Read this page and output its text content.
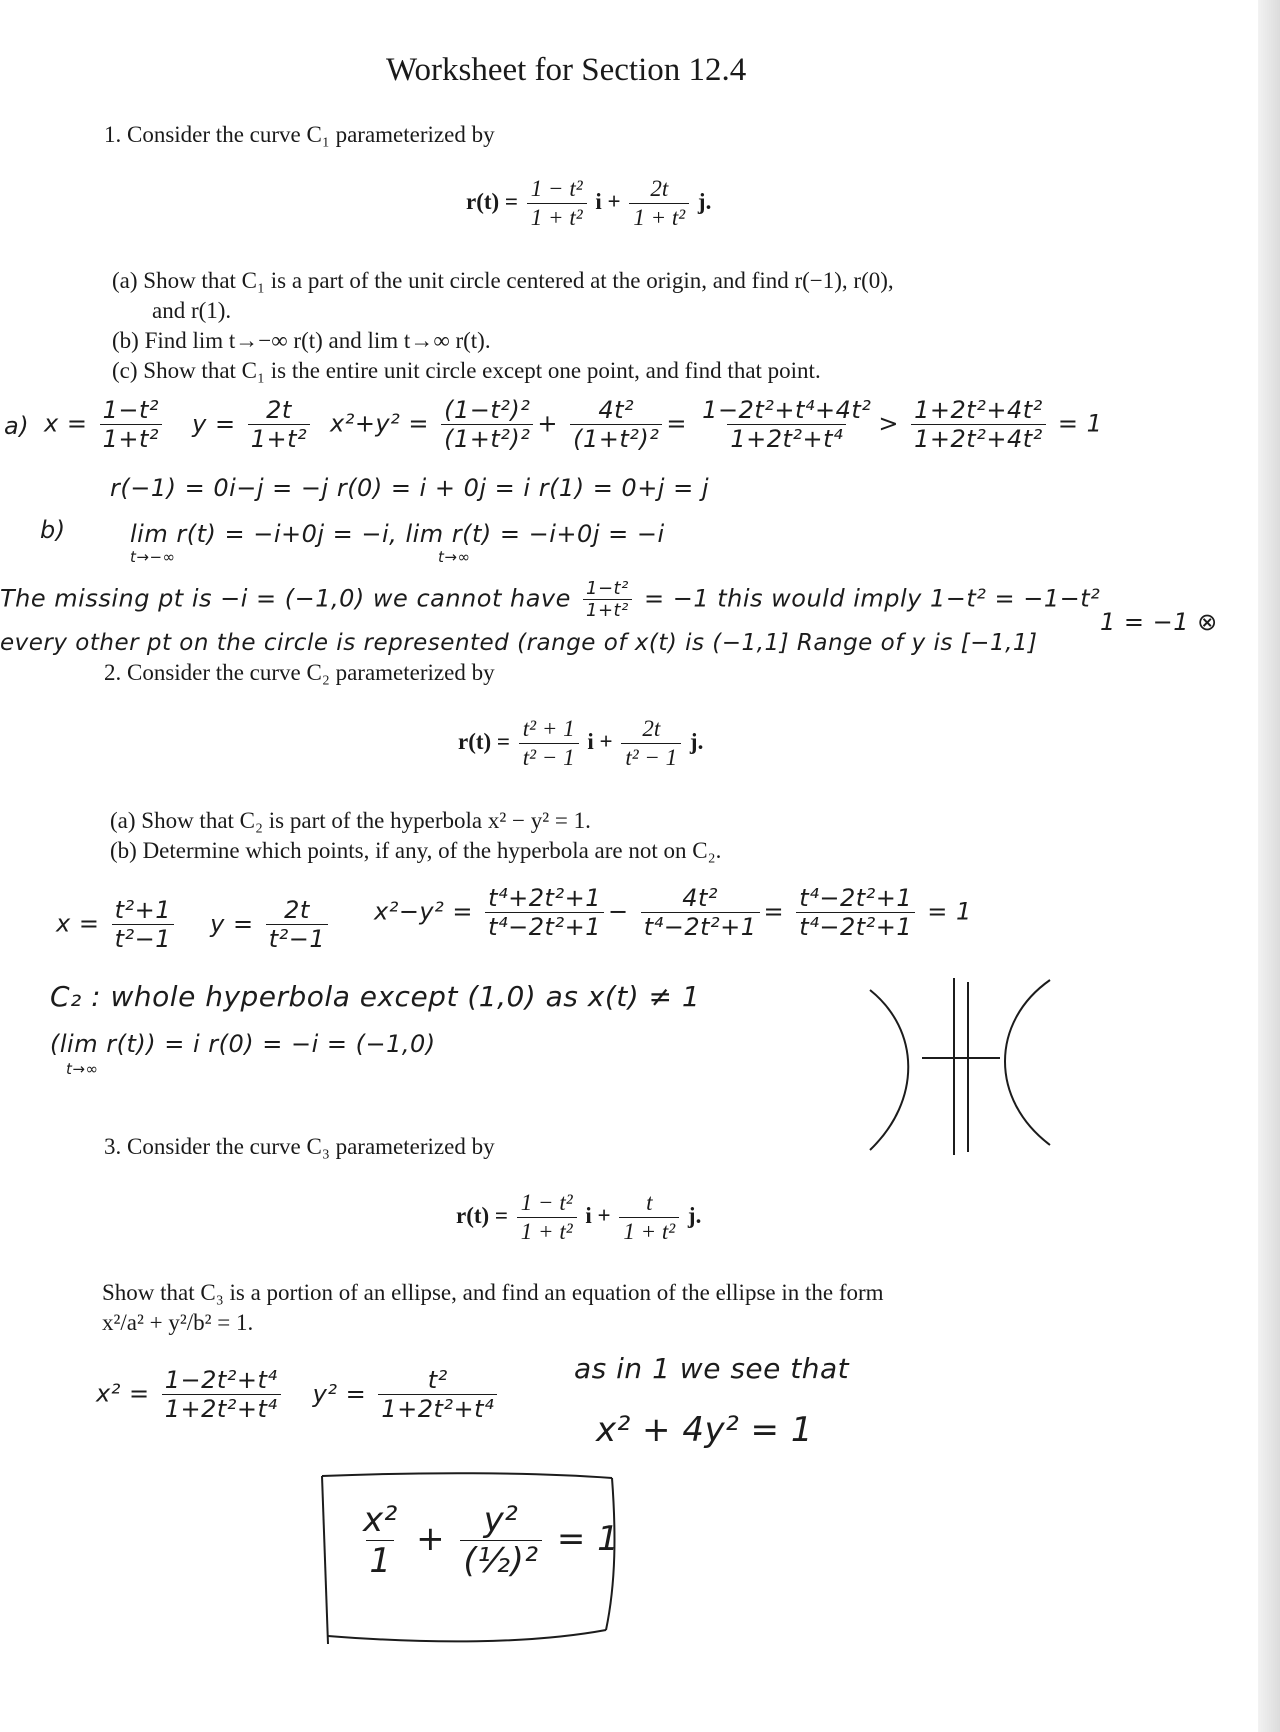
Worksheet for Section 12.4
1. Consider the curve C₁ parameterized by
$r(t) = \frac{\text{1 − t²}}{\text{1 + t²}}$ $i + \frac{2t}{\text{1 + t²}} j$.
(a) Show that C₁ is a part of the unit circle centered at the origin, and find r(−1), r(0),
and r(1).
(b) Find lim t→−∞ r(t) and lim t→∞ r(t).
(c) Show that C₁ is the entire unit circle except one point, and find that point.
a) $x = \frac{\text{1−t²}}{\text{1+t²}}$ $y = \frac{2t}{\text{1+t²}} x^2+y^2 = \frac{\text{(1−t²)²}}{\text{(1+t²)²}} + \frac{\text{4t²}}{\text{(1+t²)²}} = \frac{\text{1−2t²+t⁴+4t²}}{\text{1+2t²+t⁴}} > \frac{\text{1+2t²+4t²}}{\text{1+2t²+4t²}} = 1$
r(−1) = 0i−j = −j r(0) = i + 0j = i r(1) = 0+j = j
b)	lim r(t) = −i+0j = −i, lim r(t) = −i+0j = −i
t→−∞	t→∞
The missing pt is −i = (−1,0) we cannot have $\frac{\text{1−t²}}{\text{1+t²}} = -1$ this would imply 1−t² = −1−t²
1 = −1 ⊗
every other pt on the circle is represented (range of x(t) is (−1,1] Range of y is [−1,1]
2. Consider the curve C₂ parameterized by
$r(t) = \frac{\text{t² + 1}}{\text{t² − 1}}$ $i + \frac{2t}{\text{t² − 1}} j$.
(a) Show that C₂ is part of the hyperbola x² − y² = 1.
(b) Determine which points, if any, of the hyperbola are not on C₂.
$x = \frac{\text{t²+1}}{\text{t²−1}}$ $y = \frac{2t}{\text{t²−1}} x^2-y^2 = \frac{\text{t⁴+2t²+1}}{\text{t⁴−2t²+1}} - \frac{\text{4t²}}{\text{t⁴−2t²+1}} = \frac{\text{t⁴−2t²+1}}{\text{t⁴−2t²+1}} = 1$
C₂ : whole hyperbola except (1,0) as x(t) ≠ 1
(lim r(t)) = i r(0) = −i = (−1,0)
t→∞
3. Consider the curve C₃ parameterized by
$r(t) = \frac{\text{1 − t²}}{\text{1 + t²}}$ $i + \frac{t}{\text{1 + t²}} j$.
Show that C₃ is a portion of an ellipse, and find an equation of the ellipse in the form
x²/a² + y²/b² = 1.
$x^2 = \frac{\text{1−2t²+t⁴}}{\text{1+2t²+t⁴}} y^2 = \frac{\text{t²}}{\text{1+2t²+t⁴}}$	as in 1 we see that
x² + 4y² = 1
$\frac{\text{x²}}{1} + \frac{\text{y²}}{\text{(½)²}} = 1$
